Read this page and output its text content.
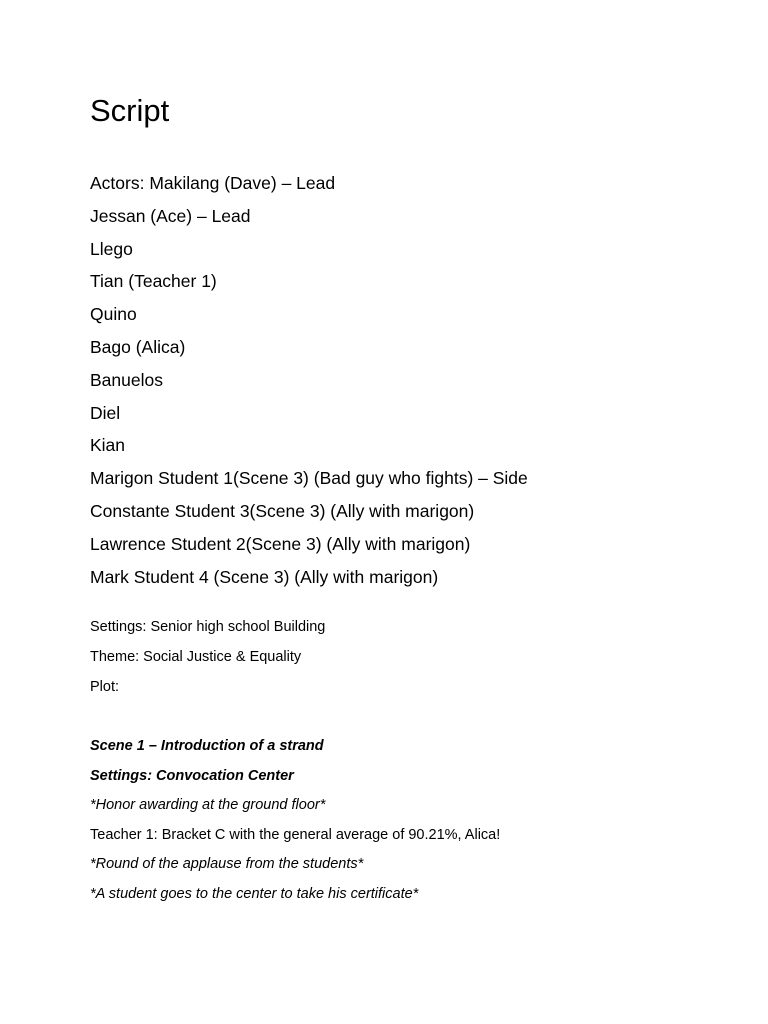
Script
Actors: Makilang (Dave) – Lead
Jessan (Ace) – Lead
Llego
Tian (Teacher 1)
Quino
Bago (Alica)
Banuelos
Diel
Kian
Marigon Student 1(Scene 3) (Bad guy who fights) – Side
Constante Student 3(Scene 3) (Ally with marigon)
Lawrence Student 2(Scene 3) (Ally with marigon)
Mark Student 4 (Scene 3) (Ally with marigon)
Settings: Senior high school Building
Theme: Social Justice & Equality
Plot:
Scene 1 – Introduction of a strand
Settings: Convocation Center
*Honor awarding at the ground floor*
Teacher 1: Bracket C with the general average of 90.21%, Alica!
*Round of the applause from the students*
*A student goes to the center to take his certificate*
